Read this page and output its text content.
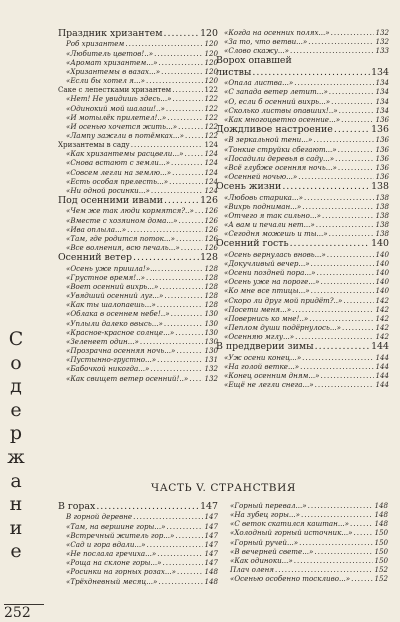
Праздник хризантем .....	120
Роб хризантем .....	120
«Любитель цветов!..» .....	120
«Аромат хризантем...» .....	120
«Хризантемы в вазах...» .....	120
«Если бы хотел я...» .....	120
Саке с лепестками хризантем .....	122
«Нет! Не увидишь здесь...» .....	122
«Одинокий мой шалаш!..» .....	122
«И мотылёк прилетел!..» .....	122
«И осенью хочется жить...» .....	122
«Лампу зажгли в потёмках...» .....	122
Хризантемы в саду .....	124
«Как хризантемы расцвели...» .....	124
«Снова встают с земли...» .....	124
«Совсем легли на землю...» .....	124
«Есть особая прелесть...» .....	124
«Ни одной росинки...» .....	124
Под осенними ивами .....	126
«Чем же так люди кормятся?..» ..... 126
«Вместе с хозяином дома...» .....	126
«Ива оплыла...» .....	126
«Там, где родится поток...» .....	126
«Все волнения, всю печаль...» .....	126
Осенний ветер .....	128
«Осень уже пришла!»... .....	128
«Грустное время!..» .....	128
«Воет осенний вихрь...» .....	128
«Увядший осенний луг...» .....	128
«Как ты шалопаешь...» .....	128
«Облака в осеннем небе!..» .....	130
«Уплыли далеко ввысь...» .....	130
«Красное-красное солнце...» .....	130
«Зеленеет один...» .....	130
«Прозрачна осенняя ночь...» .....	130
«Пустынно-грустно...» .....	131
«Бабочкой никогда...» .....	132
«Как свищет ветер осенний!..» ..... 132
«Когда на осенних полях...» .....	132
«За то, что ветви...» .....	132
«Слово скажу...» .....	133
Ворох опавшей
листвы .....	134
«Опала листва...» .....	134
«С запада ветер летит...» .....	134
«О, если б осенний вихрь...» .....	134
«Сколько листвы опавших!..» .....	134
«Как многоцветно осенние...» .....	136
Дождливое настроение .....	136
«В зеркальной тени...» .....	136
«Тонкие струйки сбегают...» .....	136
«Посадили деревья в саду...» .....	136
«Всё глубже осенняя ночь...» .....	136
«Осенней ночью...» .....	136
Осень жизни .....	138
«Любовь старика...» .....	138
«Вихрь подниман...» .....	138
«Отчего я так сильно...» .....	138
«А вам и печали нет...» .....	138
«Сегодня можешь и ты...» .....	138
Осенний гость .....	140
«Осень вернулась вновь...» .....	140
«Докучливый вечер...» .....	140
«Осени поздней пора...» .....	140
«Осень уже на пороге...» .....	140
«Ко мне все птицы...» .....	140
«Скоро ли друг мой придёт?..» .....	142
«Посети меня...» .....	142
«Повернись ко мне!..» .....	142
«Пеплом души подёрнулось...» .....	142
«Осенняю мглу...» .....	142
В преддверии зимы .....	144
«Уж осени конец...» .....	144
«На голой ветке...» .....	144
«Конец осенним дням...» .....	144
«Ещё не легли снега...» .....	144
ЧАСТЬ V. СТРАНСТВИЯ
В горах .....	147
В горной деревне .....	147
«Там, на вершине горы...» .....	147
«Встречный житель гор...» .....	147
«Сад и гора вдали...» .....	147
«Не послала гречиха...» .....	147
«Роща на склоне горы...» .....	147
«Росинки на горных розах...» .....	148
«Трёхдневный месяц...» .....	148
«Горный перевал...» .....	148
«На зубец горы...» .....	148
«С веток скатился каштан...» .....	148
«Холодный горный источник...» .....	150
«Горный ручей...» .....	150
«В вечерней свете...» .....	150
«Как одиноки...» .....	150
Плач оленя .....	152
«Осенью особенно тоскливо...» .....	152
С
о
д
е
р
ж
а
н
и
е
252
